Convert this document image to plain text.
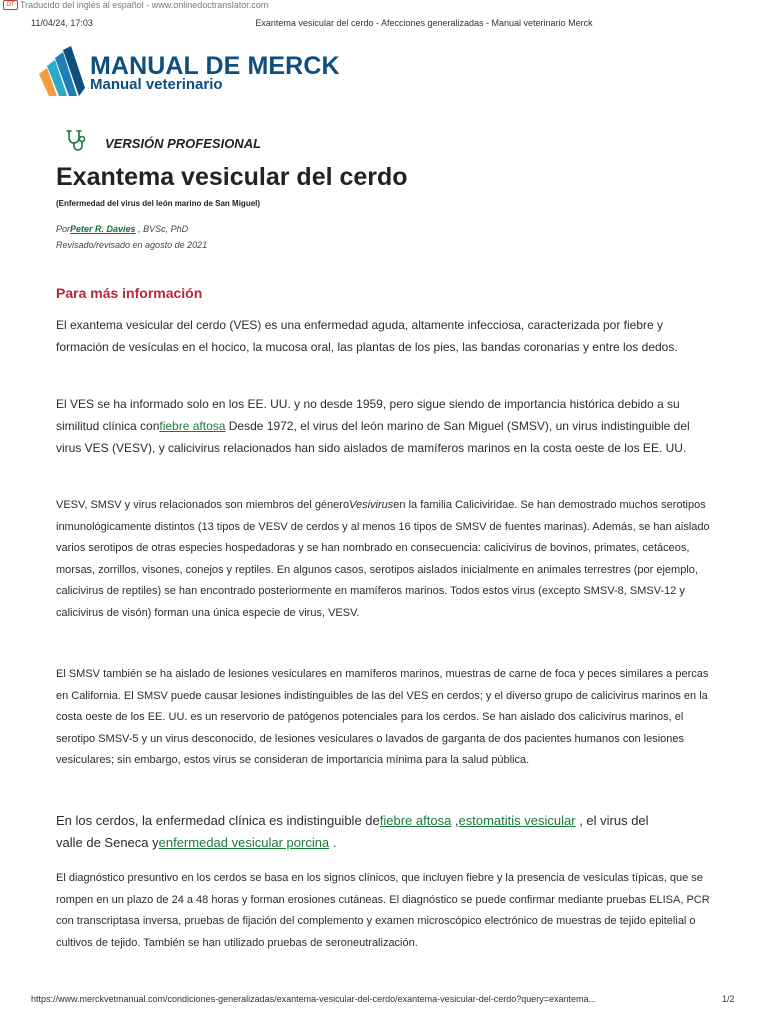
OT Traducido del inglés al español - www.onlinedoctranslator.com
11/04/24, 17:03	Exantema vesicular del cerdo - Afecciones generalizadas - Manual veterinario Merck
MANUAL DE MERCK
Manual veterinario
VERSIÓN PROFESIONAL
Exantema vesicular del cerdo
(Enfermedad del virus del león marino de San Miguel)
PorPeter R. Davies , BVSc, PhD
Revisado/revisado en agosto de 2021
Para más información

El exantema vesicular del cerdo (VES) es una enfermedad aguda, altamente infecciosa, caracterizada por fiebre y formación de vesículas en el hocico, la mucosa oral, las plantas de los pies, las bandas coronarias y entre los dedos.

El VES se ha informado solo en los EE. UU. y no desde 1959, pero sigue siendo de importancia histórica debido a su similitud clínica confiebre aftosa Desde 1972, el virus del león marino de San Miguel (SMSV), un virus indistinguible del virus VES (VESV), y calicivirus relacionados han sido aislados de mamíferos marinos en la costa oeste de los EE. UU.

VESV, SMSV y virus relacionados son miembros del géneroVesivirusen la familia Caliciviridae. Se han demostrado muchos serotipos inmunológicamente distintos (13 tipos de VESV de cerdos y al menos 16 tipos de SMSV de fuentes marinas). Además, se han aislado varios serotipos de otras especies hospedadoras y se han nombrado en consecuencia: calicivirus de bovinos, primates, cetáceos, morsas, zorrillos, visones, conejos y reptiles. En algunos casos, serotipos aislados inicialmente en animales terrestres (por ejemplo, calicivirus de reptiles) se han encontrado posteriormente en mamíferos marinos. Todos estos virus (excepto SMSV-8, SMSV-12 y calicivirus de visón) forman una única especie de virus, VESV.

El SMSV también se ha aislado de lesiones vesiculares en mamíferos marinos, muestras de carne de foca y peces similares a percas en California. El SMSV puede causar lesiones indistinguibles de las del VES en cerdos; y el diverso grupo de calicivirus marinos en la costa oeste de los EE. UU. es un reservorio de patógenos potenciales para los cerdos. Se han aislado dos calicivirus marinos, el serotipo SMSV-5 y un virus desconocido, de lesiones vesiculares o lavados de garganta de dos pacientes humanos con lesiones vesiculares; sin embargo, estos virus se consideran de importancia mínima para la salud pública.

En los cerdos, la enfermedad clínica es indistinguible defiebre aftosa ,estomatitis vesicular , el virus del valle de Seneca yenfermedad vesicular porcina .

El diagnóstico presuntivo en los cerdos se basa en los signos clínicos, que incluyen fiebre y la presencia de vesículas típicas, que se rompen en un plazo de 24 a 48 horas y forman erosiones cutáneas. El diagnóstico se puede confirmar mediante pruebas ELISA, PCR con transcriptasa inversa, pruebas de fijación del complemento y examen microscópico electrónico de muestras de tejido epitelial o cultivos de tejido. También se han utilizado pruebas de seroneutralización.

https://www.merckvetmanual.com/condiciones-generalizadas/exantema-vesicular-del-cerdo/exantema-vesicular-del-cerdo?query=exantema...	1/2
